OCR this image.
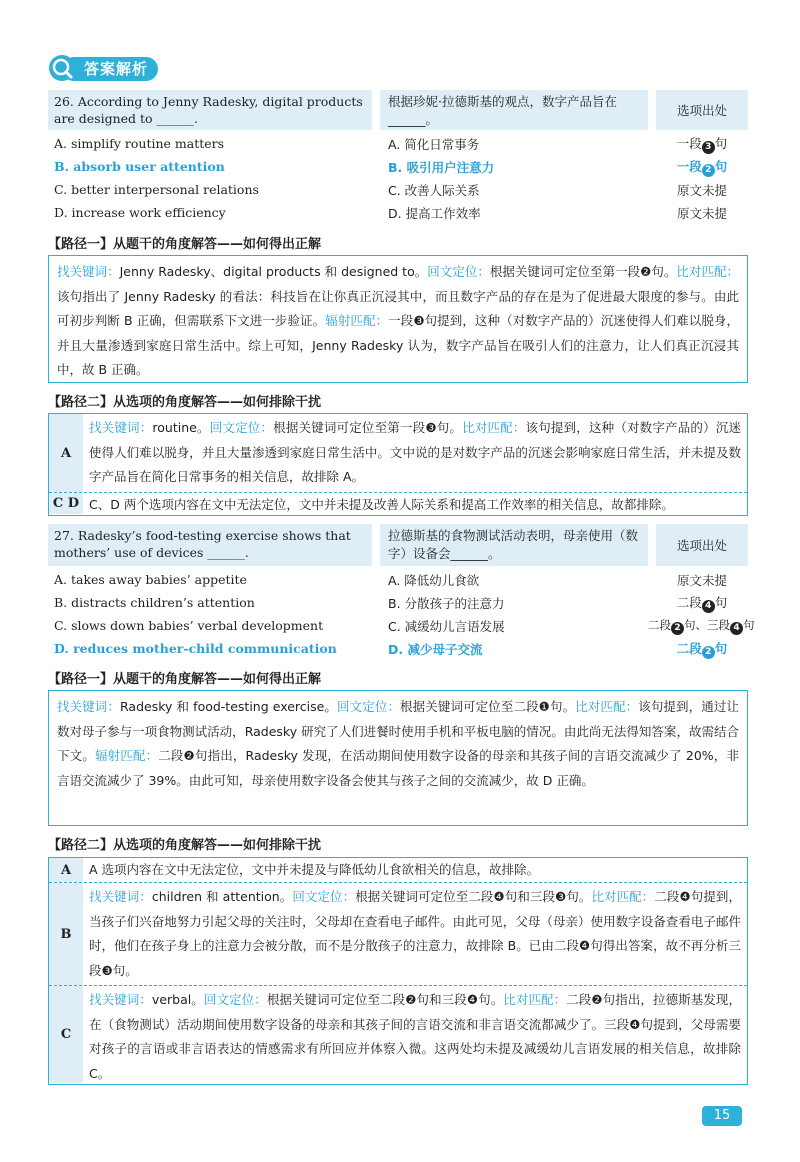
答案解析
26. According to Jenny Radesky, digital products are designed to ______.
根据珍妮·拉德斯基的观点，数字产品旨在______。
选项出处
A. simplify routine matters	A. 简化日常事务	一段 3 句
B. absorb user attention	B. 吸引用户注意力	一段 2 句
C. better interpersonal relations	C. 改善人际关系	原文未提
D. increase work efficiency	D. 提高工作效率	原文未提
【路径一】从题干的角度解答——如何得出正解
找关键词：Jenny Radesky、digital products 和 designed to。回文定位：根据关键词可定位至第一段❷句。比对匹配：该句指出了 Jenny Radesky 的看法：科技旨在让你真正沉浸其中，而且数字产品的存在是为了促进最大限度的参与。由此可初步判断 B 正确，但需联系下文进一步验证。辐射匹配：一段❸句提到，这种（对数字产品的）沉迷使得人们难以脱身，并且大量渗透到家庭日常生活中。综上可知，Jenny Radesky 认为，数字产品旨在吸引人们的注意力，让人们真正沉浸其中，故 B 正确。
【路径二】从选项的角度解答——如何排除干扰
A
找关键词：routine。回文定位：根据关键词可定位至第一段❸句。比对匹配：该句提到，这种（对数字产品的）沉迷使得人们难以脱身，并且大量渗透到家庭日常生活中。文中说的是对数字产品的沉迷会影响家庭日常生活，并未提及数字产品旨在简化日常事务的相关信息，故排除 A。
C D C、D 两个选项内容在文中无法定位，文中并未提及改善人际关系和提高工作效率的相关信息，故都排除。
27. Radesky’s food-testing exercise shows that mothers’ use of devices ______.
拉德斯基的食物测试活动表明，母亲使用（数字）设备会______。
选项出处
A. takes away babies’ appetite	A. 降低幼儿食欲	原文未提
B. distracts children’s attention	B. 分散孩子的注意力	二段 4 句
C. slows down babies’ verbal development	C. 减缓幼儿言语发展	二段 2 句、三段 4 句
D. reduces mother-child communication	D. 减少母子交流	二段 2 句
【路径一】从题干的角度解答——如何得出正解
找关键词：Radesky 和 food-testing exercise。回文定位：根据关键词可定位至二段❶句。比对匹配：该句提到，通过让数对母子参与一项食物测试活动，Radesky 研究了人们进餐时使用手机和平板电脑的情况。由此尚无法得知答案，故需结合下文。辐射匹配：二段❷句指出，Radesky 发现，在活动期间使用数字设备的母亲和其孩子间的言语交流减少了 20%，非言语交流减少了 39%。由此可知，母亲使用数字设备会使其与孩子之间的交流减少，故 D 正确。
【路径二】从选项的角度解答——如何排除干扰
A	A 选项内容在文中无法定位，文中并未提及与降低幼儿食欲相关的信息，故排除。
B
找关键词：children 和 attention。回文定位：根据关键词可定位至二段❹句和三段❸句。比对匹配：二段❹句提到，当孩子们兴奋地努力引起父母的关注时，父母却在查看电子邮件。由此可见，父母（母亲）使用数字设备查看电子邮件时，他们在孩子身上的注意力会被分散，而不是分散孩子的注意力，故排除 B。已由二段❹句得出答案，故不再分析三段❸句。
C
找关键词：verbal。回文定位：根据关键词可定位至二段❷句和三段❹句。比对匹配：二段❷句指出，拉德斯基发现，在（食物测试）活动期间使用数字设备的母亲和其孩子间的言语交流和非言语交流都减少了。三段❹句提到，父母需要对孩子的言语或非言语表达的情感需求有所回应并体察入微。这两处均未提及减缓幼儿言语发展的相关信息，故排除 C。
15
